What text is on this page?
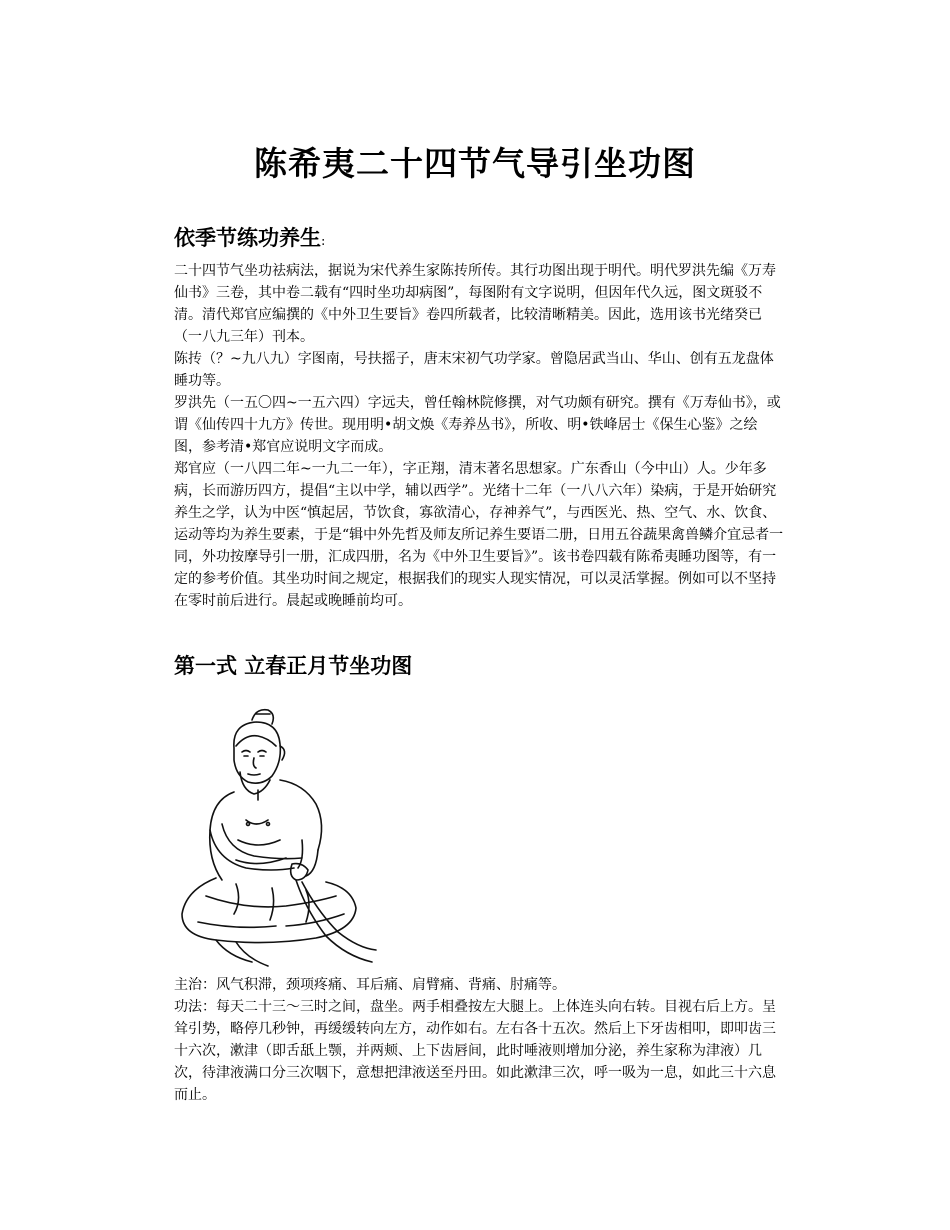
陈希夷二十四节气导引坐功图
依季节练功养生:

二十四节气坐功祛病法，据说为宋代养生家陈抟所传。其行功图出现于明代。明代罗洪先编《万寿仙书》三卷，其中卷二载有“四时坐功却病图”，每图附有文字说明，但因年代久远，图文斑驳不清。清代郑官应编撰的《中外卫生要旨》卷四所载者，比较清晰精美。因此，选用该书光绪癸已（一八九三年）刊本。

陈抟（？~九八九）字图南，号扶摇子，唐末宋初气功学家。曾隐居武当山、华山、创有五龙盘体睡功等。

罗洪先（一五〇四~一五六四）字远夫，曾任翰林院修撰，对气功颇有研究。撰有《万寿仙书》，或谓《仙传四十九方》传世。现用明•胡文焕《寿养丛书》，所收、明•铁峰居士《保生心鉴》之绘图，参考清•郑官应说明文字而成。

郑官应（一八四二年~一九二一年），字正翔，清末著名思想家。广东香山（今中山）人。少年多病，长而游历四方，提倡“主以中学，辅以西学”。光绪十二年（一八八六年）染病，于是开始研究养生之学，认为中医“慎起居，节饮食，寡欲清心，存神养气”，与西医光、热、空气、水、饮食、运动等均为养生要素，于是“辑中外先哲及师友所记养生要语二册，日用五谷蔬果禽兽鳞介宜忌者一同，外功按摩导引一册，汇成四册，名为《中外卫生要旨》”。该书卷四载有陈希夷睡功图等，有一定的参考价值。其坐功时间之规定，根据我们的现实人现实情况，可以灵活掌握。例如可以不坚持在零时前后进行。晨起或晚睡前均可。

第一式 立春正月节坐功图

主治：风气积滞，颈项疼痛、耳后痛、肩臂痛、背痛、肘痛等。

功法：每天二十三～三时之间，盘坐。两手相叠按左大腿上。上体连头向右转。目视右后上方。呈耸引势，略停几秒钟，再缓缓转向左方，动作如右。左右各十五次。然后上下牙齿相叩，即叩齿三十六次，漱津（即舌舐上颚，并两颊、上下齿唇间，此时唾液则增加分泌，养生家称为津液）几次，待津液满口分三次咽下，意想把津液送至丹田。如此漱津三次，呼一吸为一息，如此三十六息而止。
